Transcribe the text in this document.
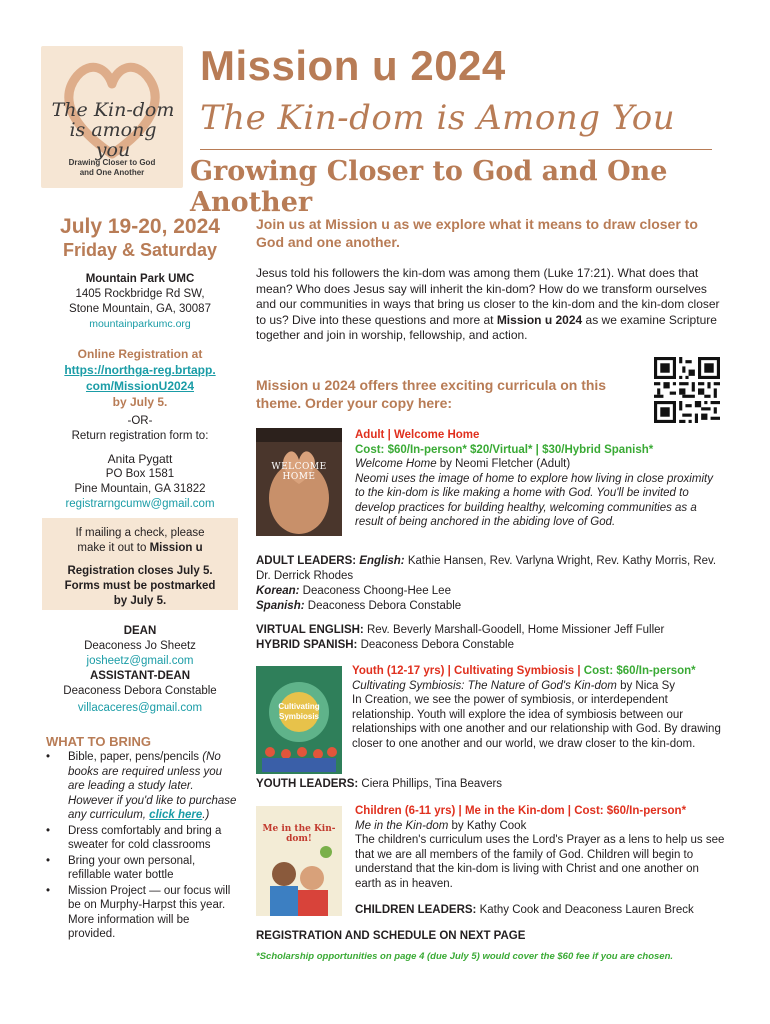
The Kin-dom
is among you
Drawing Closer to God
and One Another
Mission u 2024
The Kin-dom is Among You
Growing Closer to God and One Another
July 19-20, 2024
Friday & Saturday
Mountain Park UMC
1405 Rockbridge Rd SW,
Stone Mountain, GA, 30087
mountainparkumc.org
Online Registration at
https://northga-reg.brtapp.
com/MissionU2024
by July 5.
-OR-
Return registration form to:
Anita Pygatt
PO Box 1581
Pine Mountain, GA 31822
registrarngcumw@gmail.com
If mailing a check, please
make it out to Mission u
Registration closes July 5.
Forms must be postmarked
by July 5.
DEAN
Deaconess Jo Sheetz
josheetz@gmail.com
ASSISTANT-DEAN
Deaconess Debora Constable
villacaceres@gmail.com
WHAT TO BRING
• Bible, paper, pens/pencils (No books are required unless you are leading a study later. However if you'd like to purchase any curriculum, click here.)
• Dress comfortably and bring a sweater for cold classrooms
• Bring your own personal, refillable water bottle
• Mission Project — our focus will be on Murphy-Harpst this year. More information will be provided.
Join us at Mission u as we explore what it means to draw closer to God and one another.
Jesus told his followers the kin-dom was among them (Luke 17:21). What does that mean? Who does Jesus say will inherit the kin-dom? How do we transform ourselves and our communities in ways that bring us closer to the kin-dom and the kin-dom closer to us? Dive into these questions and more at Mission u 2024 as we examine Scripture together and join in worship, fellowship, and action.
Mission u 2024 offers three exciting curricula on this theme. Order your copy here:
WELCOME HOME
Adult | Welcome Home
Cost: $60/In-person* $20/Virtual* | $30/Hybrid Spanish*
Welcome Home by Neomi Fletcher (Adult)
Neomi uses the image of home to explore how living in close proximity to the kin-dom is like making a home with God. You'll be invited to develop practices for building healthy, welcoming communities as a result of being anchored in the abiding love of God.
ADULT LEADERS: English: Kathie Hansen, Rev. Varlyna Wright, Rev. Kathy Morris, Rev. Dr. Derrick Rhodes
Korean: Deaconess Choong-Hee Lee
Spanish: Deaconess Debora Constable
VIRTUAL ENGLISH: Rev. Beverly Marshall-Goodell, Home Missioner Jeff Fuller
HYBRID SPANISH: Deaconess Debora Constable
Cultivating Symbiosis
Youth (12-17 yrs) | Cultivating Symbiosis | Cost: $60/In-person*
Cultivating Symbiosis: The Nature of God's Kin-dom by Nica Sy
In Creation, we see the power of symbiosis, or interdependent relationship. Youth will explore the idea of symbiosis between our relationships with one another and our relationship with God. By drawing closer to one another and our world, we draw closer to the kin-dom.
YOUTH LEADERS: Ciera Phillips, Tina Beavers
Me in the Kin-dom!
Children (6-11 yrs) | Me in the Kin-dom | Cost: $60/In-person*
Me in the Kin-dom by Kathy Cook
The children's curriculum uses the Lord's Prayer as a lens to help us see that we are all members of the family of God. Children will begin to understand that the kin-dom is living with Christ and one another on earth as in heaven.
CHILDREN LEADERS: Kathy Cook and Deaconess Lauren Breck
REGISTRATION AND SCHEDULE ON NEXT PAGE
*Scholarship opportunities on page 4 (due July 5) would cover the $60 fee if you are chosen.
